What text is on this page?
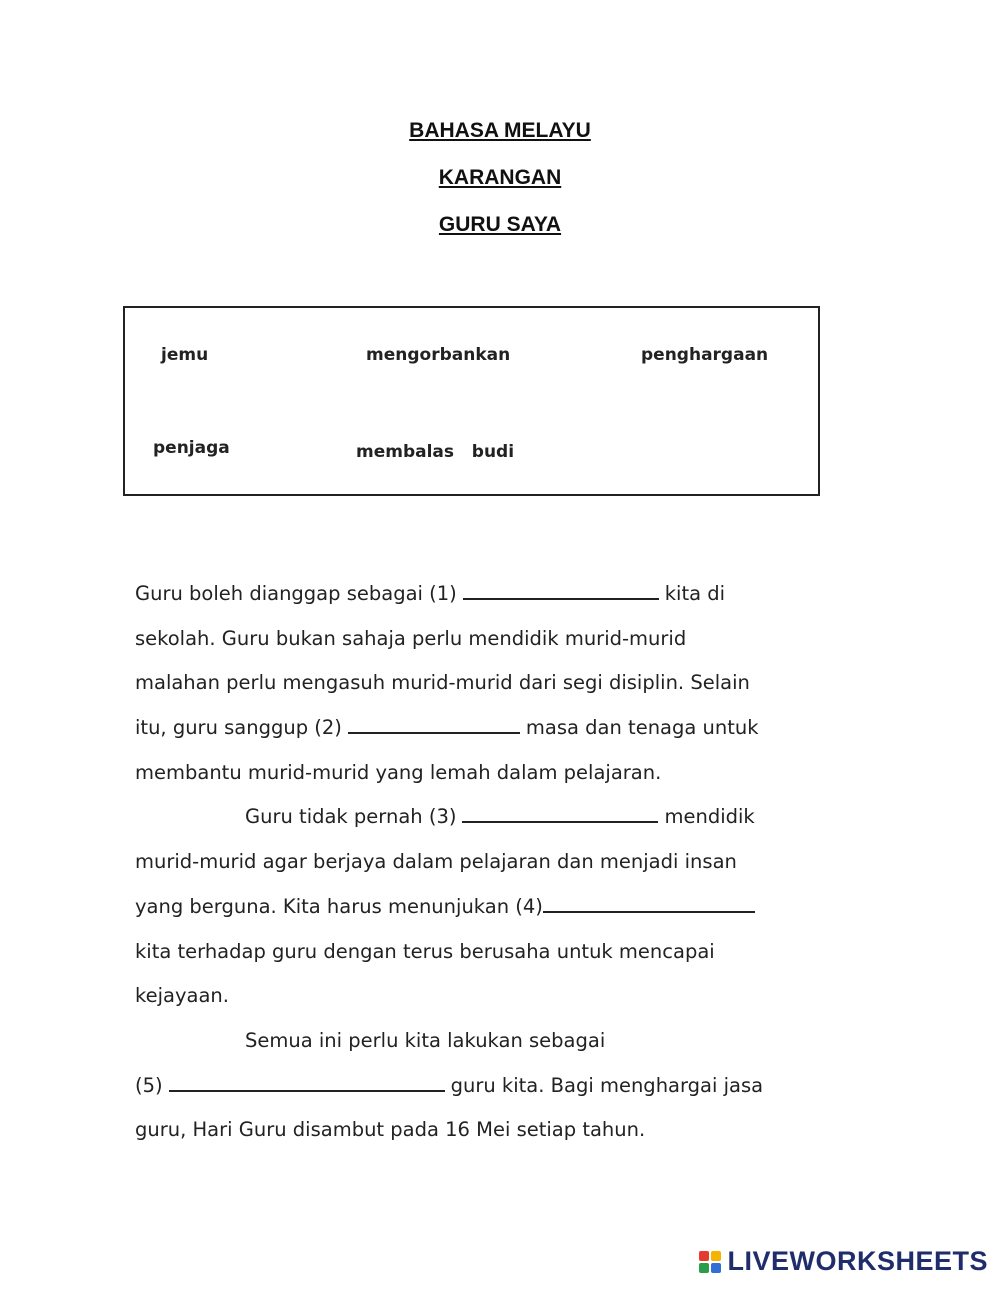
BAHASA MELAYU
KARANGAN
GURU SAYA
jemu	mengorbankan	penghargaan
penjaga	membalas   budi
Guru boleh dianggap sebagai (1)	kita di
sekolah. Guru bukan sahaja perlu mendidik murid-murid
malahan perlu mengasuh murid-murid dari segi disiplin. Selain
itu, guru sanggup (2)	masa dan tenaga untuk
membantu murid-murid yang lemah dalam pelajaran.
Guru tidak pernah (3)	mendidik
murid-murid agar berjaya dalam pelajaran dan menjadi insan
yang berguna. Kita harus menunjukan (4)
kita terhadap guru dengan terus berusaha untuk mencapai
kejayaan.
Semua ini perlu kita lakukan sebagai
(5)	guru kita. Bagi menghargai jasa
guru, Hari Guru disambut pada 16 Mei setiap tahun.
LIVEWORKSHEETS
